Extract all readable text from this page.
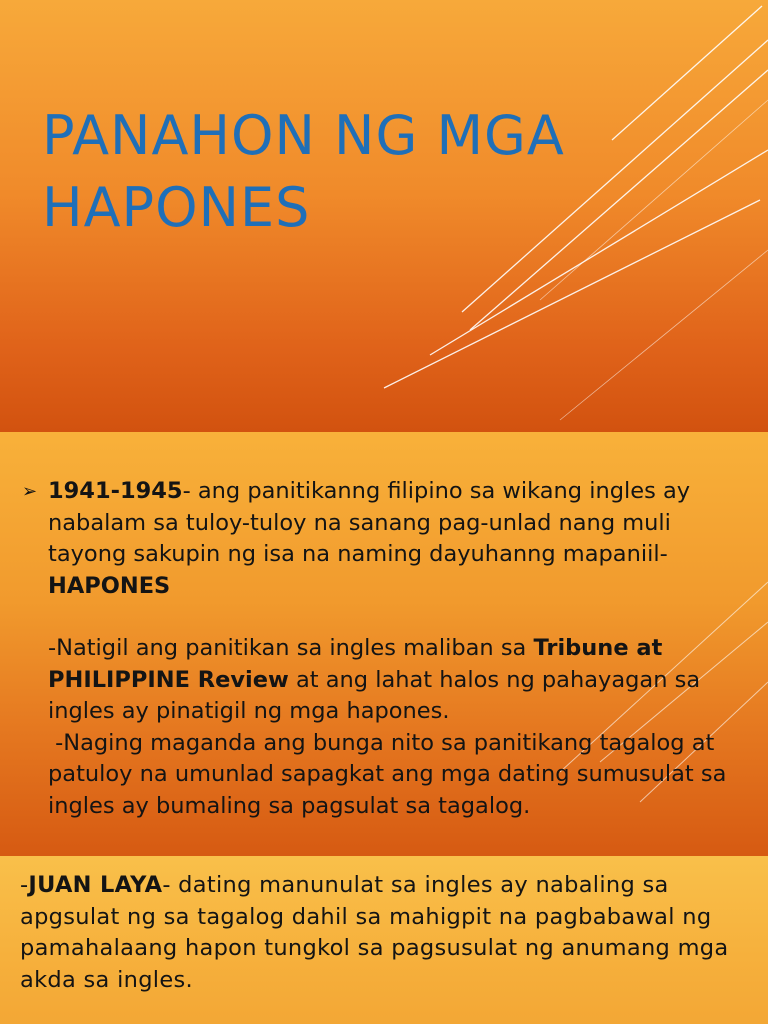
PANAHON NG MGA
HAPONES
➢ 1941-1945- ang panitikanng filipino sa wikang ingles ay nabalam sa tuloy-tuloy na sanang pag-unlad nang muli tayong sakupin ng isa na naming dayuhanng mapaniil-HAPONES
-Natigil ang panitikan sa ingles maliban sa Tribune at PHILIPPINE Review at ang lahat halos ng pahayagan sa ingles ay pinatigil ng mga hapones.
-Naging maganda ang bunga nito sa panitikang tagalog at patuloy na umunlad sapagkat ang mga dating sumusulat sa ingles ay bumaling sa pagsulat sa tagalog.
-JUAN LAYA- dating manunulat sa ingles ay nabaling sa apgsulat ng sa tagalog dahil sa mahigpit na pagbabawal ng pamahalaang hapon tungkol sa pagsusulat ng anumang mga akda sa ingles.
